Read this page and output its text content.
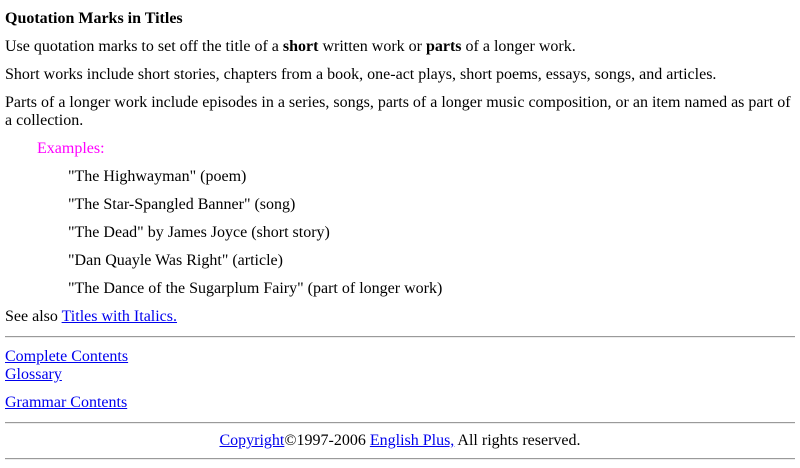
Quotation Marks in Titles

Use quotation marks to set off the title of a short written work or parts of a longer work.

Short works include short stories, chapters from a book, one-act plays, short poems, essays, songs, and articles.

Parts of a longer work include episodes in a series, songs, parts of a longer music composition, or an item named as part of a collection.

Examples:

"The Highwayman" (poem)

"The Star-Spangled Banner" (song)

"The Dead" by James Joyce (short story)

"Dan Quayle Was Right" (article)

"The Dance of the Sugarplum Fairy" (part of longer work)

See also Titles with Italics.

Complete Contents
Glossary

Grammar Contents

Copyright©1997-2006 English Plus, All rights reserved.
